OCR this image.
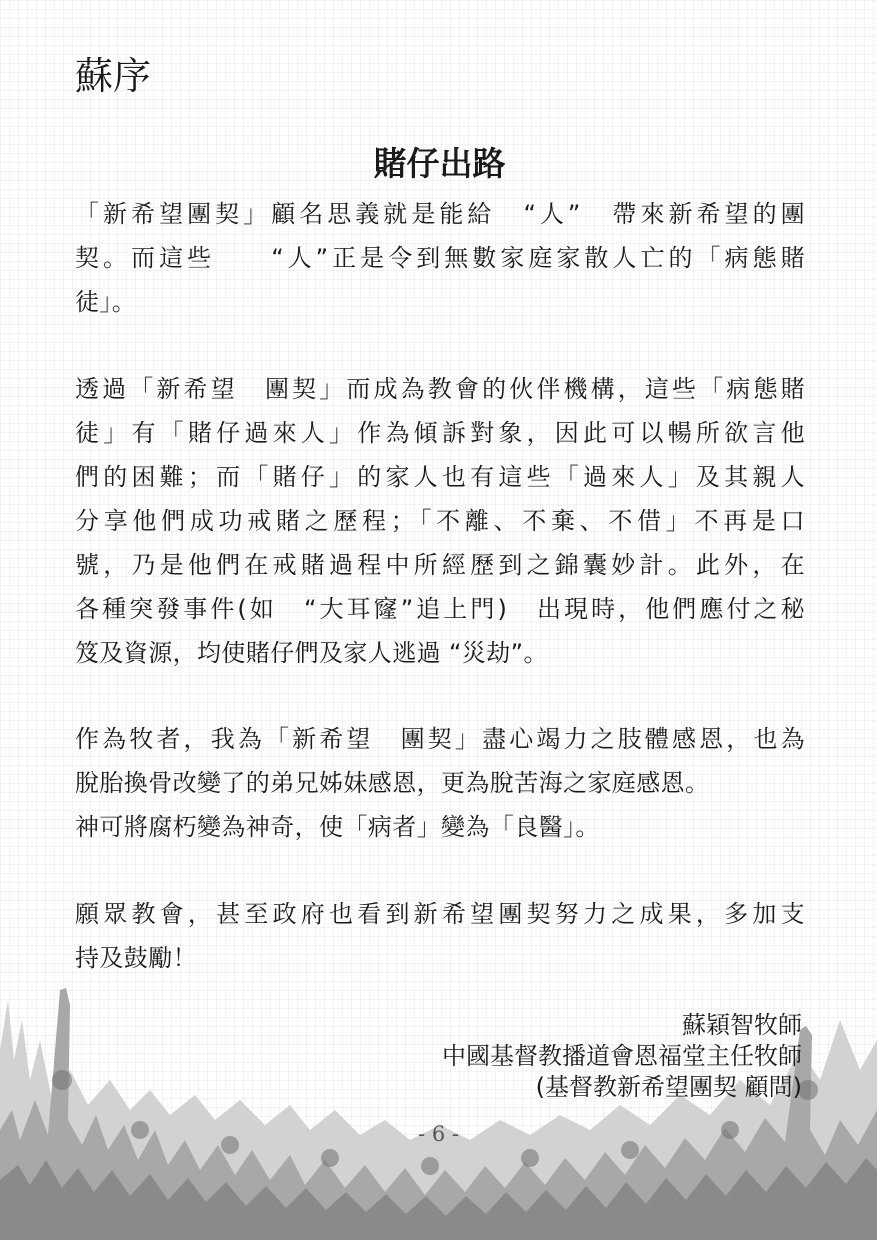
蘇序
賭仔出路

「新希望團契」顧名思義就是能給　“人”　帶來新希望的團
契。而這些　　“人”正是令到無數家庭家散人亡的「病態賭
徒」。

透過「新希望　團契」而成為教會的伙伴機構，這些「病態賭
徒」有「賭仔過來人」作為傾訴對象，因此可以暢所欲言他
們的困難；而「賭仔」的家人也有這些「過來人」及其親人
分享他們成功戒賭之歷程；「不離、不棄、不借」不再是口
號，乃是他們在戒賭過程中所經歷到之錦囊妙計。此外，在
各種突發事件(如　“大耳窿”追上門)　出現時，他們應付之秘
笈及資源，均使賭仔們及家人逃過 “災劫”。

作為牧者，我為「新希望　團契」盡心竭力之肢體感恩，也為
脫胎換骨改變了的弟兄姊妹感恩，更為脫苦海之家庭感恩。
神可將腐朽變為神奇，使「病者」變為「良醫」。

願眾教會，甚至政府也看到新希望團契努力之成果，多加支
持及鼓勵！

蘇穎智牧師
中國基督教播道會恩福堂主任牧師
(基督教新希望團契 顧問)
- 6 -
